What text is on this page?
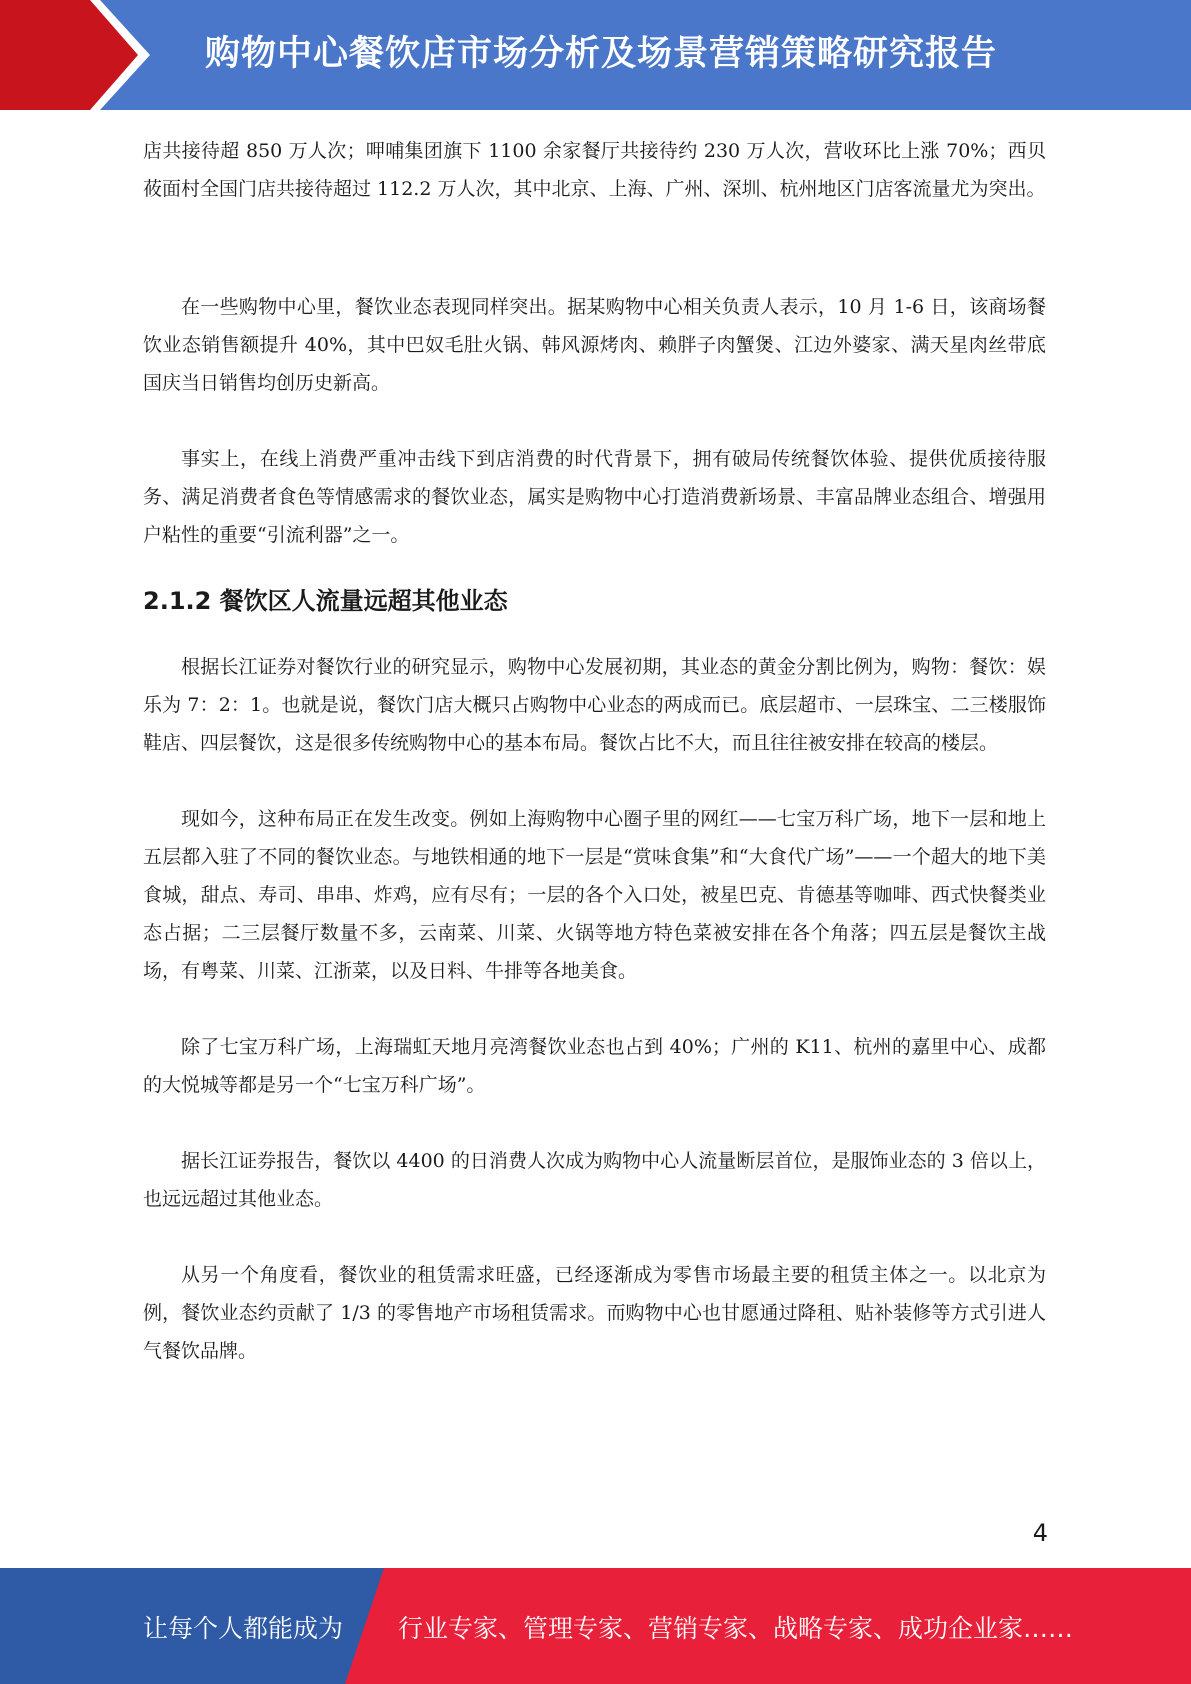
购物中心餐饮店市场分析及场景营销策略研究报告

店共接待超 850 万人次；呷哺集团旗下 1100 余家餐厅共接待约 230 万人次，营收环比上涨 70%；西贝莜面村全国门店共接待超过 112.2 万人次，其中北京、上海、广州、深圳、杭州地区门店客流量尤为突出。

在一些购物中心里，餐饮业态表现同样突出。据某购物中心相关负责人表示，10 月 1-6 日，该商场餐饮业态销售额提升 40%，其中巴奴毛肚火锅、韩风源烤肉、赖胖子肉蟹煲、江边外婆家、满天星肉丝带底国庆当日销售均创历史新高。

事实上，在线上消费严重冲击线下到店消费的时代背景下，拥有破局传统餐饮体验、提供优质接待服务、满足消费者食色等情感需求的餐饮业态，属实是购物中心打造消费新场景、丰富品牌业态组合、增强用户粘性的重要“引流利器”之一。

2.1.2 餐饮区人流量远超其他业态

根据长江证券对餐饮行业的研究显示，购物中心发展初期，其业态的黄金分割比例为，购物：餐饮：娱乐为 7：2：1。也就是说，餐饮门店大概只占购物中心业态的两成而已。底层超市、一层珠宝、二三楼服饰鞋店、四层餐饮，这是很多传统购物中心的基本布局。餐饮占比不大，而且往往被安排在较高的楼层。

现如今，这种布局正在发生改变。例如上海购物中心圈子里的网红——七宝万科广场，地下一层和地上五层都入驻了不同的餐饮业态。与地铁相通的地下一层是“赏味食集”和“大食代广场”——一个超大的地下美食城，甜点、寿司、串串、炸鸡，应有尽有；一层的各个入口处，被星巴克、肯德基等咖啡、西式快餐类业态占据；二三层餐厅数量不多，云南菜、川菜、火锅等地方特色菜被安排在各个角落；四五层是餐饮主战场，有粤菜、川菜、江浙菜，以及日料、牛排等各地美食。

除了七宝万科广场，上海瑞虹天地月亮湾餐饮业态也占到 40%；广州的 K11、杭州的嘉里中心、成都的大悦城等都是另一个“七宝万科广场”。

据长江证券报告，餐饮以 4400 的日消费人次成为购物中心人流量断层首位，是服饰业态的 3 倍以上，也远远超过其他业态。

从另一个角度看，餐饮业的租赁需求旺盛，已经逐渐成为零售市场最主要的租赁主体之一。以北京为例，餐饮业态约贡献了 1/3 的零售地产市场租赁需求。而购物中心也甘愿通过降租、贴补装修等方式引进人气餐饮品牌。

4
让每个人都能成为 行业专家、管理专家、营销专家、战略专家、成功企业家……
